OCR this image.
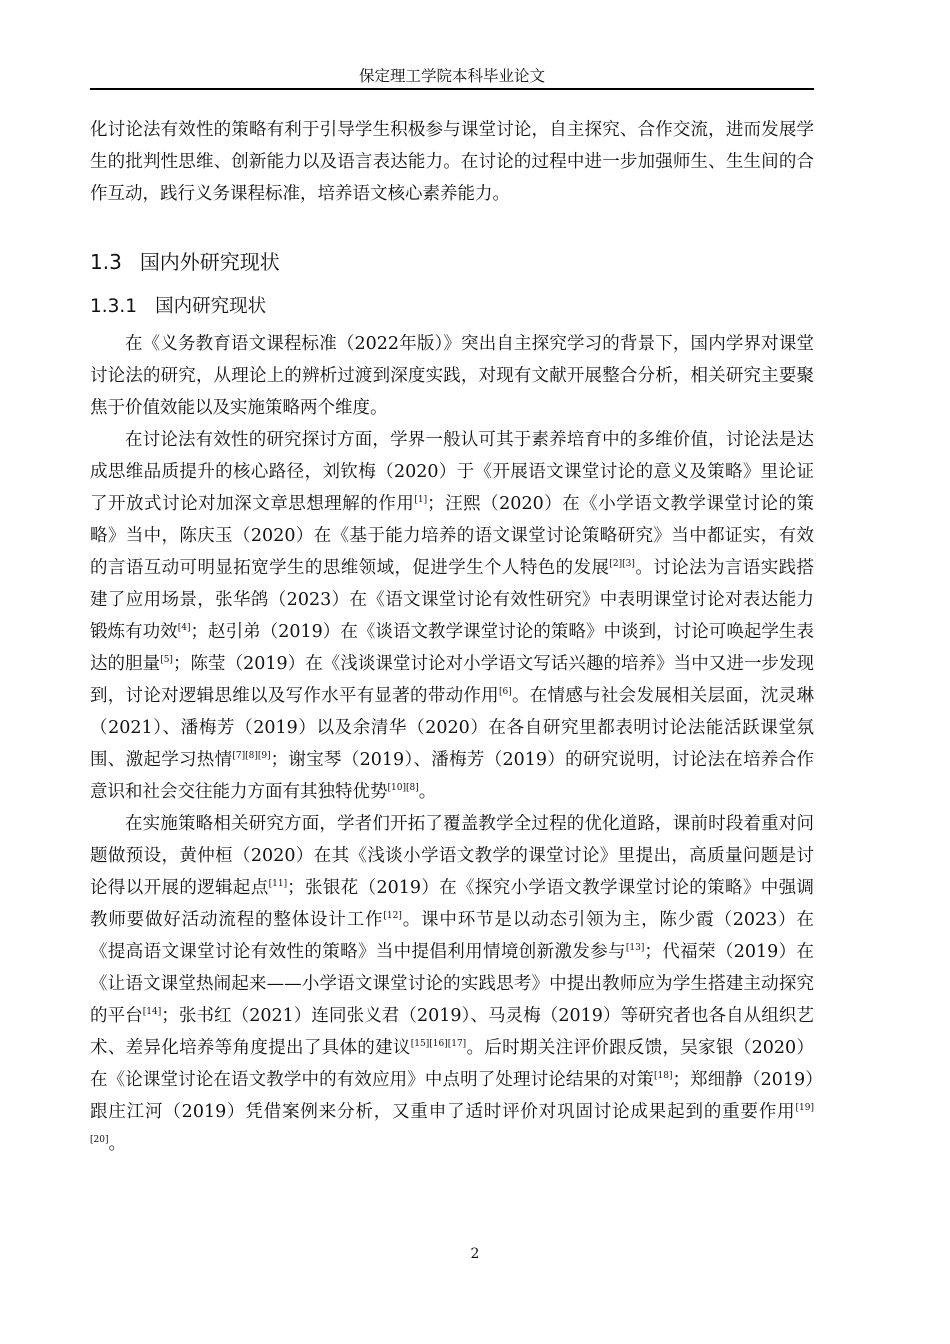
保定理工学院本科毕业论文

化讨论法有效性的策略有利于引导学生积极参与课堂讨论，自主探究、合作交流，进而发展学生的批判性思维、创新能力以及语言表达能力。在讨论的过程中进一步加强师生、生生间的合作互动，践行义务课程标准，培养语文核心素养能力。

1.3 国内外研究现状
1.3.1 国内研究现状

在《义务教育语文课程标准（2022年版）》突出自主探究学习的背景下，国内学界对课堂讨论法的研究，从理论上的辨析过渡到深度实践，对现有文献开展整合分析，相关研究主要聚焦于价值效能以及实施策略两个维度。

在讨论法有效性的研究探讨方面，学界一般认可其于素养培育中的多维价值，讨论法是达成思维品质提升的核心路径，刘钦梅（2020）于《开展语文课堂讨论的意义及策略》里论证了开放式讨论对加深文章思想理解的作用[1]；汪熙（2020）在《小学语文教学课堂讨论的策略》当中，陈庆玉（2020）在《基于能力培养的语文课堂讨论策略研究》当中都证实，有效的言语互动可明显拓宽学生的思维领域，促进学生个人特色的发展[2][3]。讨论法为言语实践搭建了应用场景，张华鸽（2023）在《语文课堂讨论有效性研究》中表明课堂讨论对表达能力锻炼有功效[4]；赵引弟（2019）在《谈语文教学课堂讨论的策略》中谈到，讨论可唤起学生表达的胆量[5]；陈莹（2019）在《浅谈课堂讨论对小学语文写话兴趣的培养》当中又进一步发现到，讨论对逻辑思维以及写作水平有显著的带动作用[6]。在情感与社会发展相关层面，沈灵琳（2021）、潘梅芳（2019）以及余清华（2020）在各自研究里都表明讨论法能活跃课堂氛围、激起学习热情[7][8][9]；谢宝琴（2019）、潘梅芳（2019）的研究说明，讨论法在培养合作意识和社会交往能力方面有其独特优势[10][8]。

在实施策略相关研究方面，学者们开拓了覆盖教学全过程的优化道路，课前时段着重对问题做预设，黄仲桓（2020）在其《浅谈小学语文教学的课堂讨论》里提出，高质量问题是讨论得以开展的逻辑起点[11]；张银花（2019）在《探究小学语文教学课堂讨论的策略》中强调教师要做好活动流程的整体设计工作[12]。课中环节是以动态引领为主，陈少霞（2023）在《提高语文课堂讨论有效性的策略》当中提倡利用情境创新激发参与[13]；代福荣（2019）在《让语文课堂热闹起来——小学语文课堂讨论的实践思考》中提出教师应为学生搭建主动探究的平台[14]；张书红（2021）连同张义君（2019）、马灵梅（2019）等研究者也各自从组织艺术、差异化培养等角度提出了具体的建议[15][16][17]。后时期关注评价跟反馈，吴家银（2020）在《论课堂讨论在语文教学中的有效应用》中点明了处理讨论结果的对策[18]；郑细静（2019）跟庄江河（2019）凭借案例来分析，又重申了适时评价对巩固讨论成果起到的重要作用[19][20]。

2
